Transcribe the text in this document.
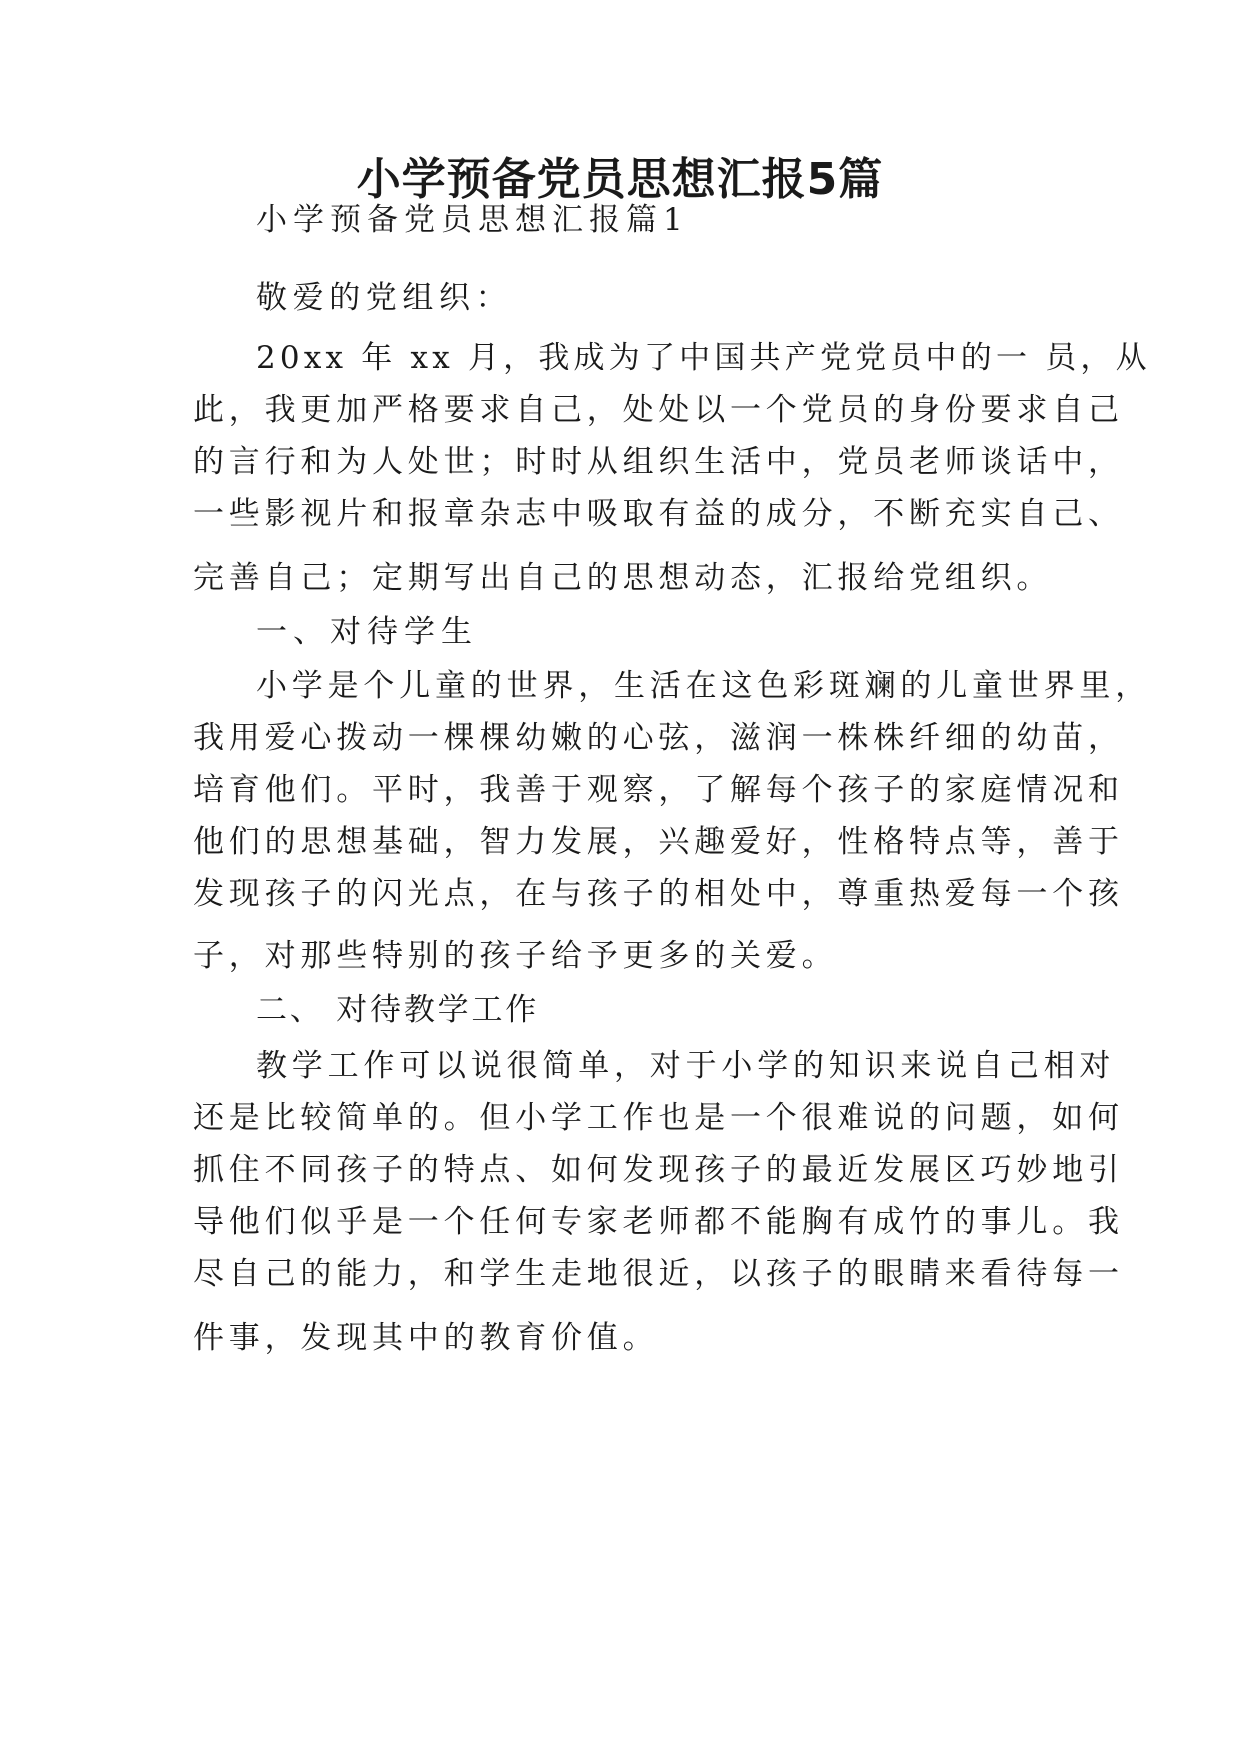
小学预备党员思想汇报5篇

小学预备党员思想汇报篇1

敬爱的党组织：

20xx 年 xx 月，我成为了中国共产党党员中的一 员，从

此，我更加严格要求自己，处处以一个党员的身份要求自己

的言行和为人处世；时时从组织生活中，党员老师谈话中，

一些影视片和报章杂志中吸取有益的成分，不断充实自己、

完善自己；定期写出自己的思想动态，汇报给党组织。

一、对待学生

小学是个儿童的世界，生活在这色彩斑斓的儿童世界里，

我用爱心拨动一棵棵幼嫩的心弦，滋润一株株纤细的幼苗，

培育他们。平时，我善于观察，了解每个孩子的家庭情况和

他们的思想基础，智力发展，兴趣爱好，性格特点等，善于

发现孩子的闪光点，在与孩子的相处中，尊重热爱每一个孩

子，对那些特别的孩子给予更多的关爱。

二、 对待教学工作

教学工作可以说很简单，对于小学的知识来说自己相对

还是比较简单的。但小学工作也是一个很难说的问题，如何

抓住不同孩子的特点、如何发现孩子的最近发展区巧妙地引

导他们似乎是一个任何专家老师都不能胸有成竹的事儿。我

尽自己的能力，和学生走地很近，以孩子的眼睛来看待每一

件事，发现其中的教育价值。
